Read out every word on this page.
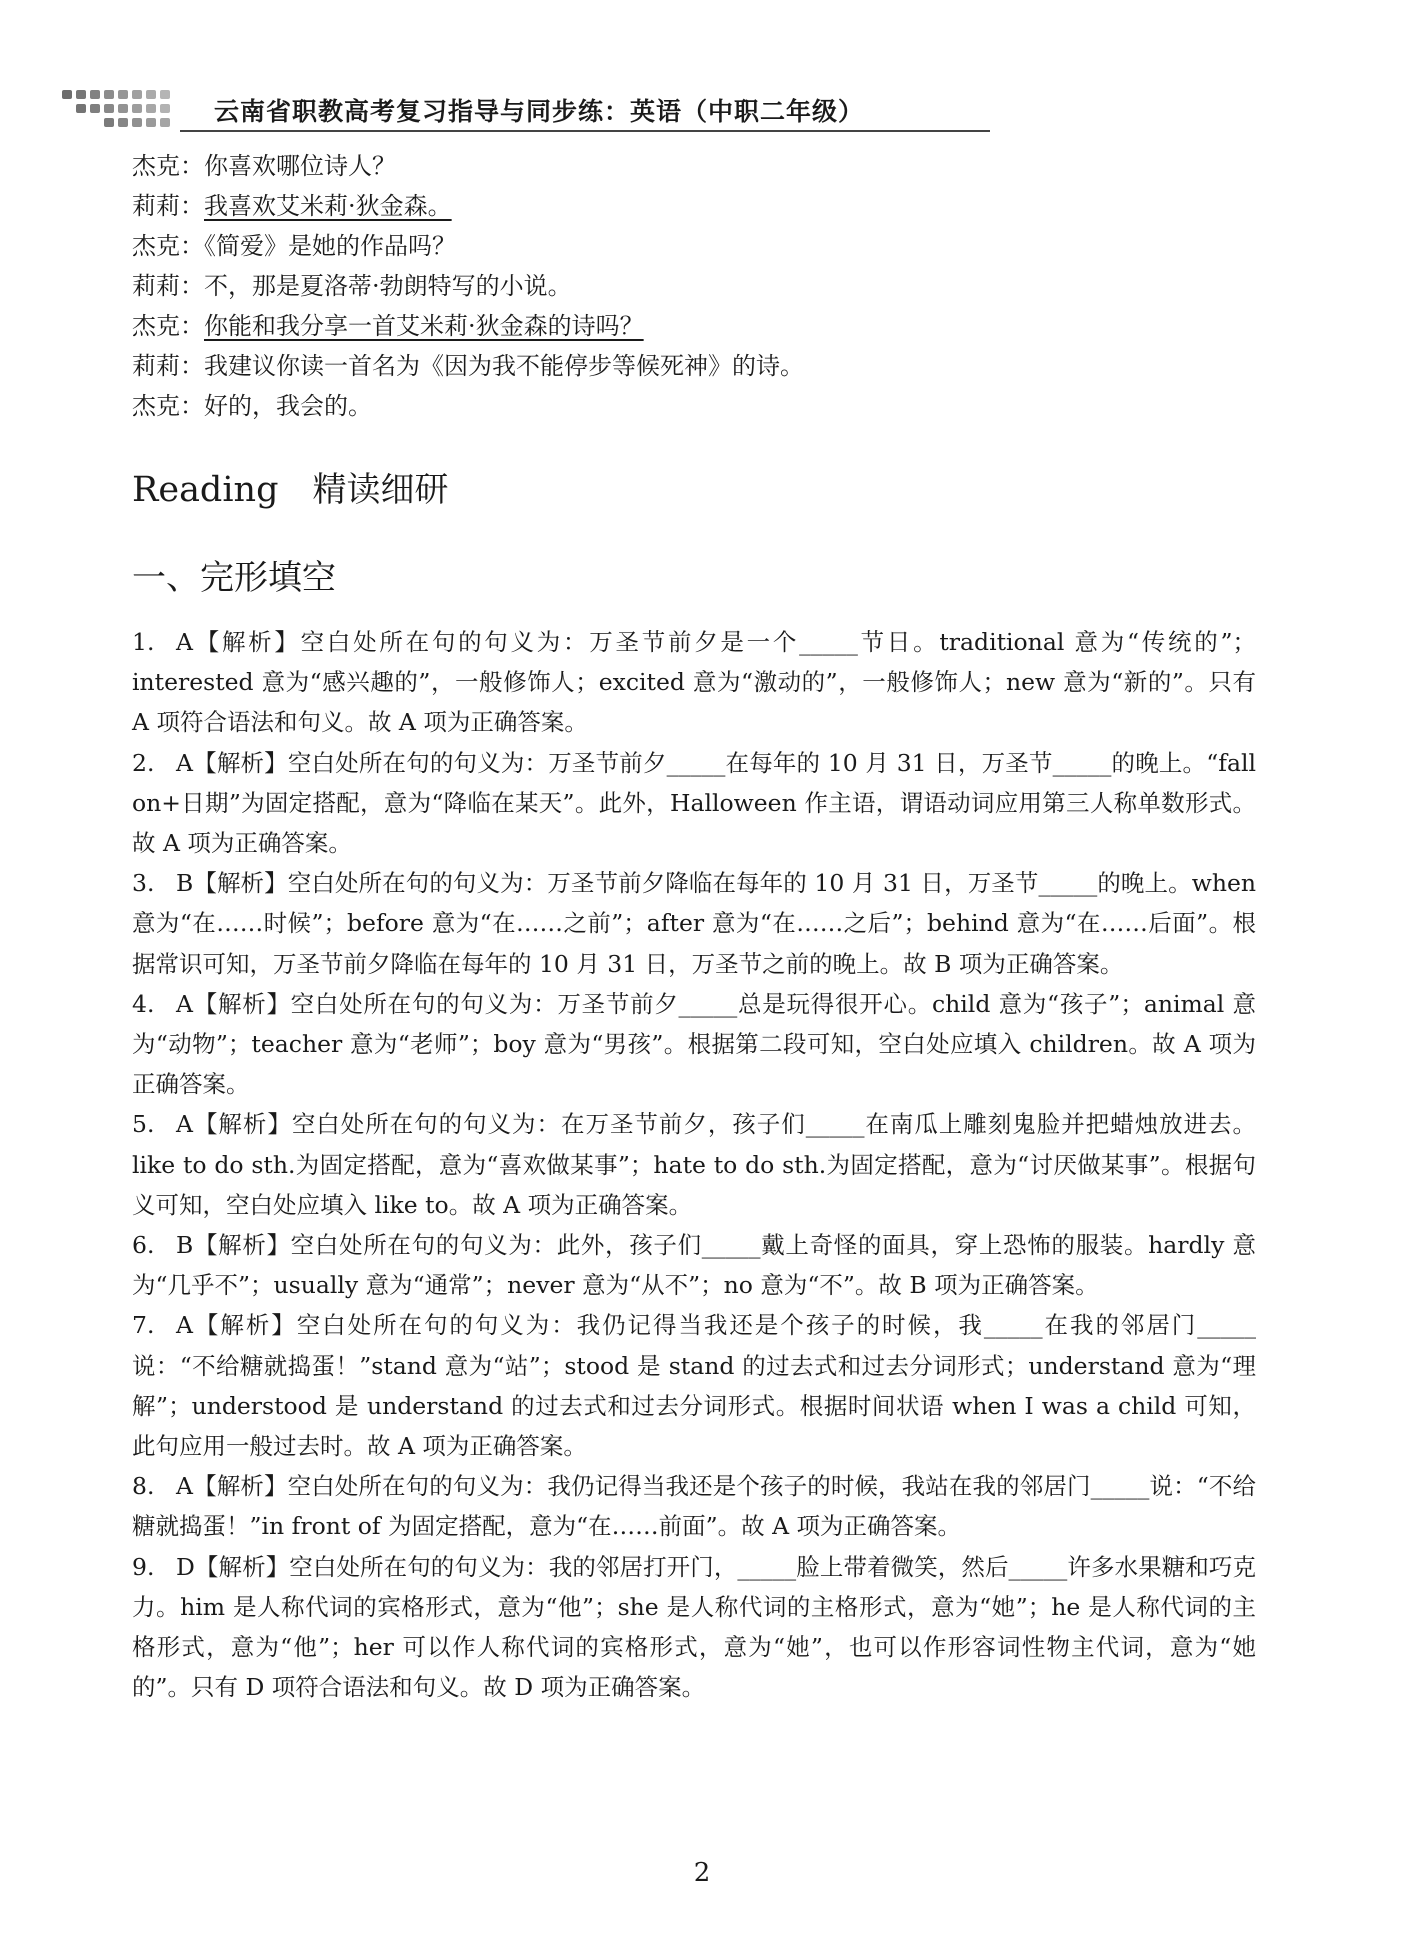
云南省职教高考复习指导与同步练：英语（中职二年级）
杰克：你喜欢哪位诗人？
莉莉：我喜欢艾米莉·狄金森。
杰克：《简爱》是她的作品吗？
莉莉：不，那是夏洛蒂·勃朗特写的小说。
杰克：你能和我分享一首艾米莉·狄金森的诗吗？
莉莉：我建议你读一首名为《因为我不能停步等候死神》的诗。
杰克：好的，我会的。
Reading 精读细研
一、完形填空

1. A【解析】空白处所在句的句义为：万圣节前夕是一个_____节日。traditional 意为“传统的”；interested 意为“感兴趣的”，一般修饰人；excited 意为“激动的”，一般修饰人；new 意为“新的”。只有 A 项符合语法和句义。故 A 项为正确答案。

2. A【解析】空白处所在句的句义为：万圣节前夕_____在每年的 10 月 31 日，万圣节_____的晚上。“fall on+日期”为固定搭配，意为“降临在某天”。此外，Halloween 作主语，谓语动词应用第三人称单数形式。故 A 项为正确答案。

3. B【解析】空白处所在句的句义为：万圣节前夕降临在每年的 10 月 31 日，万圣节_____的晚上。when 意为“在……时候”；before 意为“在……之前”；after 意为“在……之后”；behind 意为“在……后面”。根据常识可知，万圣节前夕降临在每年的 10 月 31 日，万圣节之前的晚上。故 B 项为正确答案。

4. A【解析】空白处所在句的句义为：万圣节前夕_____总是玩得很开心。child 意为“孩子”；animal 意为“动物”；teacher 意为“老师”；boy 意为“男孩”。根据第二段可知，空白处应填入 children。故 A 项为正确答案。

5. A【解析】空白处所在句的句义为：在万圣节前夕，孩子们_____在南瓜上雕刻鬼脸并把蜡烛放进去。like to do sth.为固定搭配，意为“喜欢做某事”；hate to do sth.为固定搭配，意为“讨厌做某事”。根据句义可知，空白处应填入 like to。故 A 项为正确答案。

6. B【解析】空白处所在句的句义为：此外，孩子们_____戴上奇怪的面具，穿上恐怖的服装。hardly 意为“几乎不”；usually 意为“通常”；never 意为“从不”；no 意为“不”。故 B 项为正确答案。

7. A【解析】空白处所在句的句义为：我仍记得当我还是个孩子的时候，我_____在我的邻居门_____说：“不给糖就捣蛋！”stand 意为“站”；stood 是 stand 的过去式和过去分词形式；understand 意为“理解”；understood 是 understand 的过去式和过去分词形式。根据时间状语 when I was a child 可知，此句应用一般过去时。故 A 项为正确答案。

8. A【解析】空白处所在句的句义为：我仍记得当我还是个孩子的时候，我站在我的邻居门_____说：“不给糖就捣蛋！”in front of 为固定搭配，意为“在……前面”。故 A 项为正确答案。

9. D【解析】空白处所在句的句义为：我的邻居打开门，_____脸上带着微笑，然后_____许多水果糖和巧克力。him 是人称代词的宾格形式，意为“他”；she 是人称代词的主格形式，意为“她”；he 是人称代词的主格形式，意为“他”；her 可以作人称代词的宾格形式，意为“她”，也可以作形容词性物主代词，意为“她的”。只有 D 项符合语法和句义。故 D 项为正确答案。

2
